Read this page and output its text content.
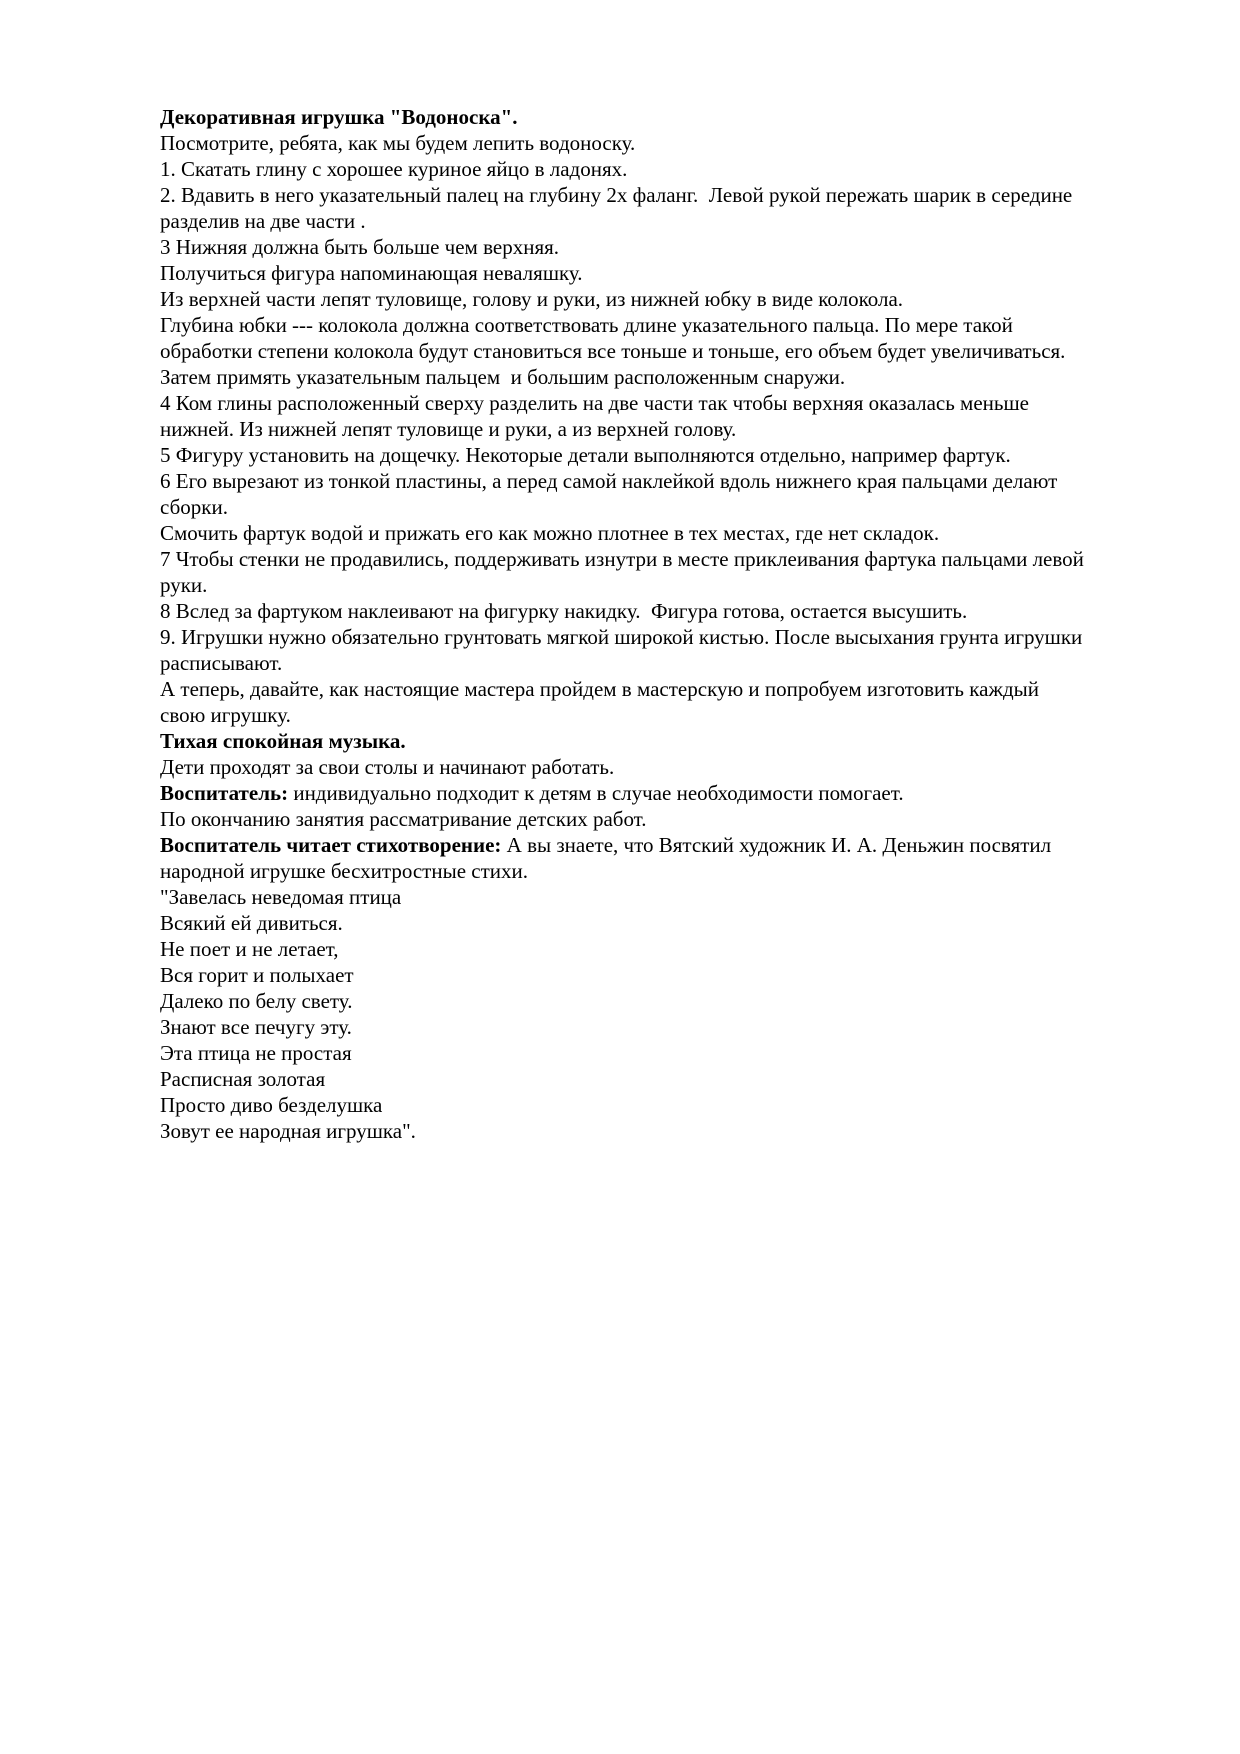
Декоративная игрушка "Водоноска".

Посмотрите, ребята, как мы будем лепить водоноску.

1. Скатать глину с хорошее куриное яйцо в ладонях.

2. Вдавить в него указательный палец на глубину 2х фаланг.  Левой рукой пережать шарик в середине разделив на две части .

3 Нижняя должна быть больше чем верхняя.

Получиться фигура напоминающая неваляшку.

Из верхней части лепят туловище, голову и руки, из нижней юбку в виде колокола.

Глубина юбки --- колокола должна соответствовать длине указательного пальца. По мере такой обработки степени колокола будут становиться все тоньше и тоньше, его объем будет увеличиваться.

Затем примять указательным пальцем  и большим расположенным снаружи.

4 Ком глины расположенный сверху разделить на две части так чтобы верхняя оказалась меньше нижней. Из нижней лепят туловище и руки, а из верхней голову.

5 Фигуру установить на дощечку. Некоторые детали выполняются отдельно, например фартук.

6 Его вырезают из тонкой пластины, а перед самой наклейкой вдоль нижнего края пальцами делают сборки.

Смочить фартук водой и прижать его как можно плотнее в тех местах, где нет складок.

7 Чтобы стенки не продавились, поддерживать изнутри в месте приклеивания фартука пальцами левой руки.

8 Вслед за фартуком наклеивают на фигурку накидку.  Фигура готова, остается высушить.

9. Игрушки нужно обязательно грунтовать мягкой широкой кистью. После высыхания грунта игрушки расписывают.

А теперь, давайте, как настоящие мастера пройдем в мастерскую и попробуем изготовить каждый свою игрушку.

Тихая спокойная музыка.

Дети проходят за свои столы и начинают работать.

Воспитатель: индивидуально подходит к детям в случае необходимости помогает.

По окончанию занятия рассматривание детских работ.

Воспитатель читает стихотворение: А вы знаете, что Вятский художник И. А. Деньжин посвятил народной игрушке бесхитростные стихи.

"Завелась неведомая птица

Всякий ей дивиться.

Не поет и не летает,

Вся горит и полыхает

Далеко по белу свету.

Знают все печугу эту.

Эта птица не простая

Расписная золотая

Просто диво безделушка

Зовут ее народная игрушка".
